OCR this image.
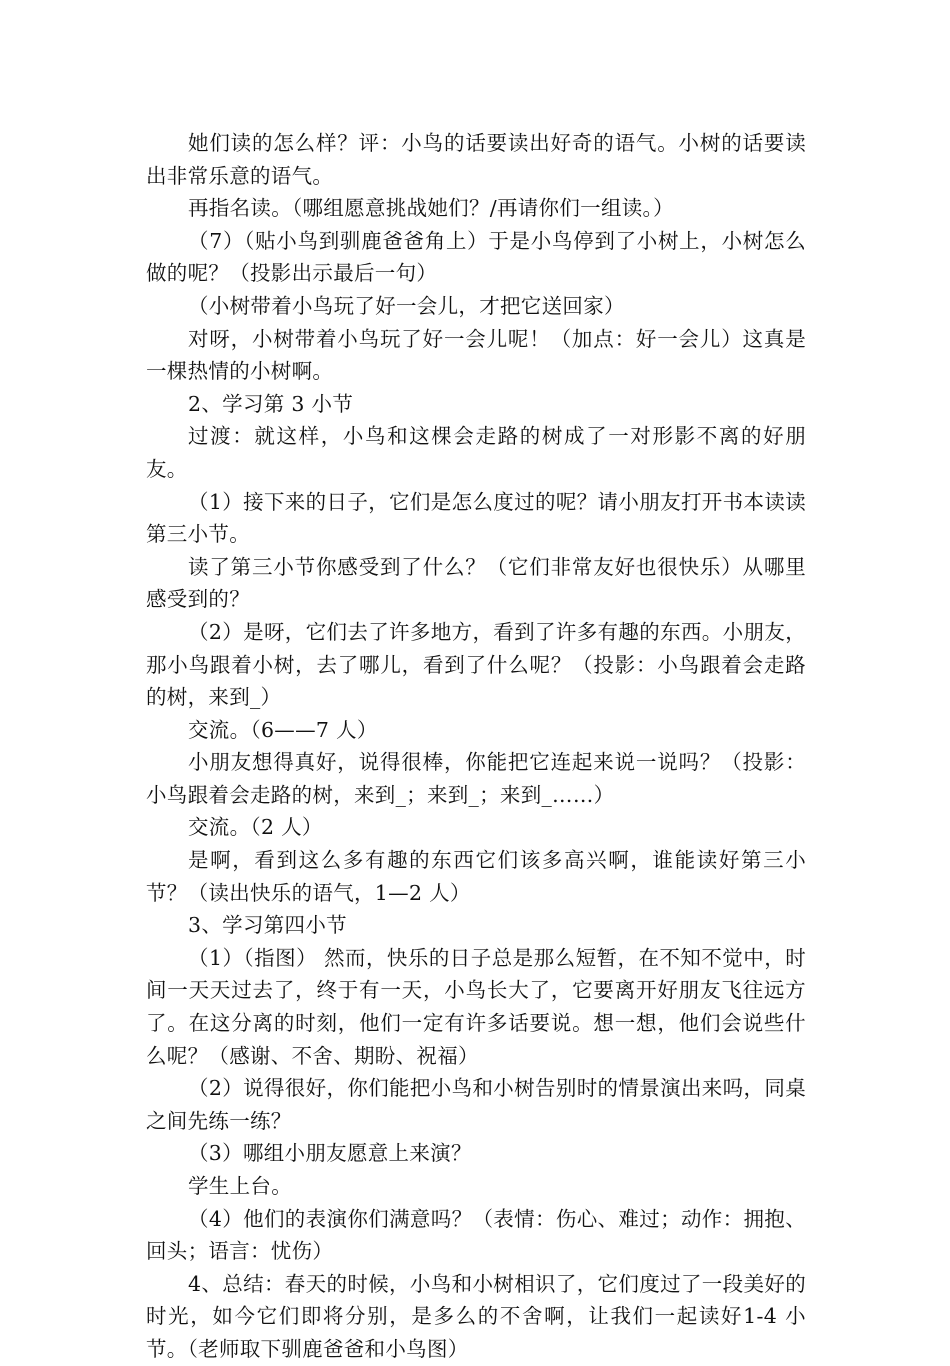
她们读的怎么样？评：小鸟的话要读出好奇的语气。小树的话要读出非常乐意的语气。

再指名读。（哪组愿意挑战她们？/再请你们一组读。）

（7）（贴小鸟到驯鹿爸爸角上）于是小鸟停到了小树上，小树怎么做的呢？（投影出示最后一句）

（小树带着小鸟玩了好一会儿，才把它送回家）

对呀，小树带着小鸟玩了好一会儿呢！（加点：好一会儿）这真是一棵热情的小树啊。

2、学习第 3 小节

过渡：就这样，小鸟和这棵会走路的树成了一对形影不离的好朋友。

（1）接下来的日子，它们是怎么度过的呢？请小朋友打开书本读读第三小节。

读了第三小节你感受到了什么？（它们非常友好也很快乐）从哪里感受到的？

（2）是呀，它们去了许多地方，看到了许多有趣的东西。小朋友，那小鸟跟着小树，去了哪儿，看到了什么呢？（投影：小鸟跟着会走路的树，来到_）

交流。（6——7 人）

小朋友想得真好，说得很棒，你能把它连起来说一说吗？（投影：小鸟跟着会走路的树，来到_；来到_；来到_……）

交流。（2 人）

是啊，看到这么多有趣的东西它们该多高兴啊，谁能读好第三小节？（读出快乐的语气，1—2 人）

3、学习第四小节

（1）（指图） 然而，快乐的日子总是那么短暂，在不知不觉中，时间一天天过去了，终于有一天，小鸟长大了，它要离开好朋友飞往远方了。在这分离的时刻，他们一定有许多话要说。想一想，他们会说些什么呢？（感谢、不舍、期盼、祝福）

（2）说得很好，你们能把小鸟和小树告别时的情景演出来吗，同桌之间先练一练？

（3）哪组小朋友愿意上来演？

学生上台。

（4）他们的表演你们满意吗？（表情：伤心、难过；动作：拥抱、回头；语言：忧伤）

4、总结：春天的时候，小鸟和小树相识了，它们度过了一段美好的时光，如今它们即将分别，是多么的不舍啊，让我们一起读好1-4 小节。（老师取下驯鹿爸爸和小鸟图）
